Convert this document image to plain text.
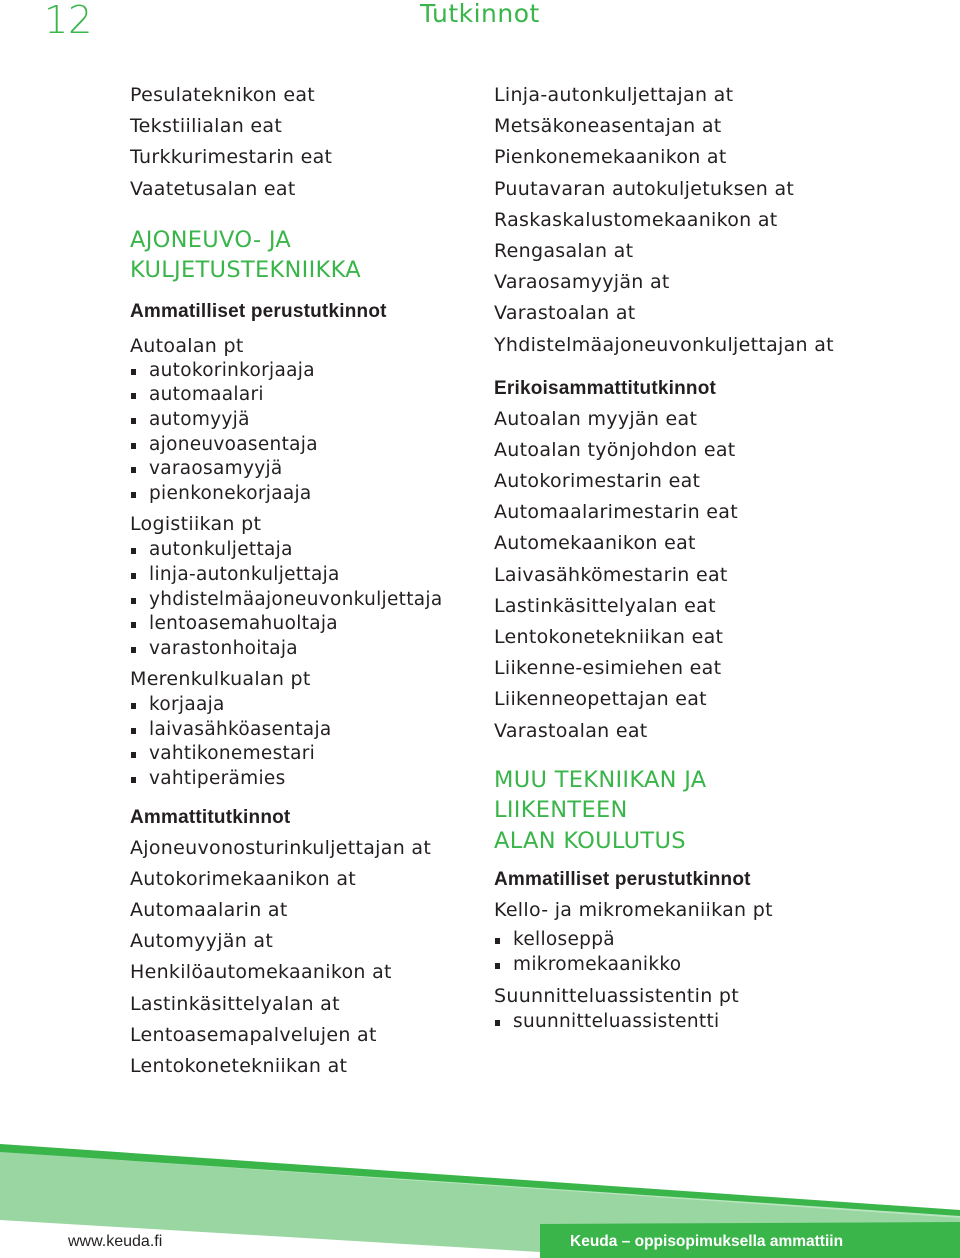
12	Tutkinnot
Pesulateknikon eat
Tekstiilialan eat
Turkkurimestarin eat
Vaatetusalan eat
AJONEUVO- JA
KULJETUSTEKNIIKKA
Ammatilliset perustutkinnot
Autoalan pt
autokorinkorjaaja
automaalari
automyyjä
ajoneuvoasentaja
varaosamyyjä
pienkonekorjaaja
Logistiikan pt
autonkuljettaja
linja-autonkuljettaja
yhdistelmäajoneuvonkuljettaja
lentoasemahuoltaja
varastonhoitaja
Merenkulkualan pt
korjaaja
laivasähköasentaja
vahtikonemestari
vahtiperämies
Ammattitutkinnot
Ajoneuvonosturinkuljettajan at
Autokorimekaanikon at
Automaalarin at
Automyyjän at
Henkilöautomekaanikon at
Lastinkäsittelyalan at
Lentoasemapalvelujen at
Lentokonetekniikan at
Linja-autonkuljettajan at
Metsäkoneasentajan at
Pienkonemekaanikon at
Puutavaran autokuljetuksen at
Raskaskalustomekaanikon at
Rengasalan at
Varaosamyyjän at
Varastoalan at
Yhdistelmäajoneuvonkuljettajan at
Erikoisammattitutkinnot
Autoalan myyjän eat
Autoalan työnjohdon eat
Autokorimestarin eat
Automaalarimestarin eat
Automekaanikon eat
Laivasähkömestarin eat
Lastinkäsittelyalan eat
Lentokonetekniikan eat
Liikenne-esimiehen eat
Liikenneopettajan eat
Varastoalan eat
MUU TEKNIIKAN JA
LIIKENTEEN
ALAN KOULUTUS
Ammatilliset perustutkinnot
Kello- ja mikromekaniikan pt
kelloseppä
mikromekaanikko
Suunnitteluassistentin pt
suunnitteluassistentti
www.keuda.fi	Keuda – oppisopimuksella ammattiin
